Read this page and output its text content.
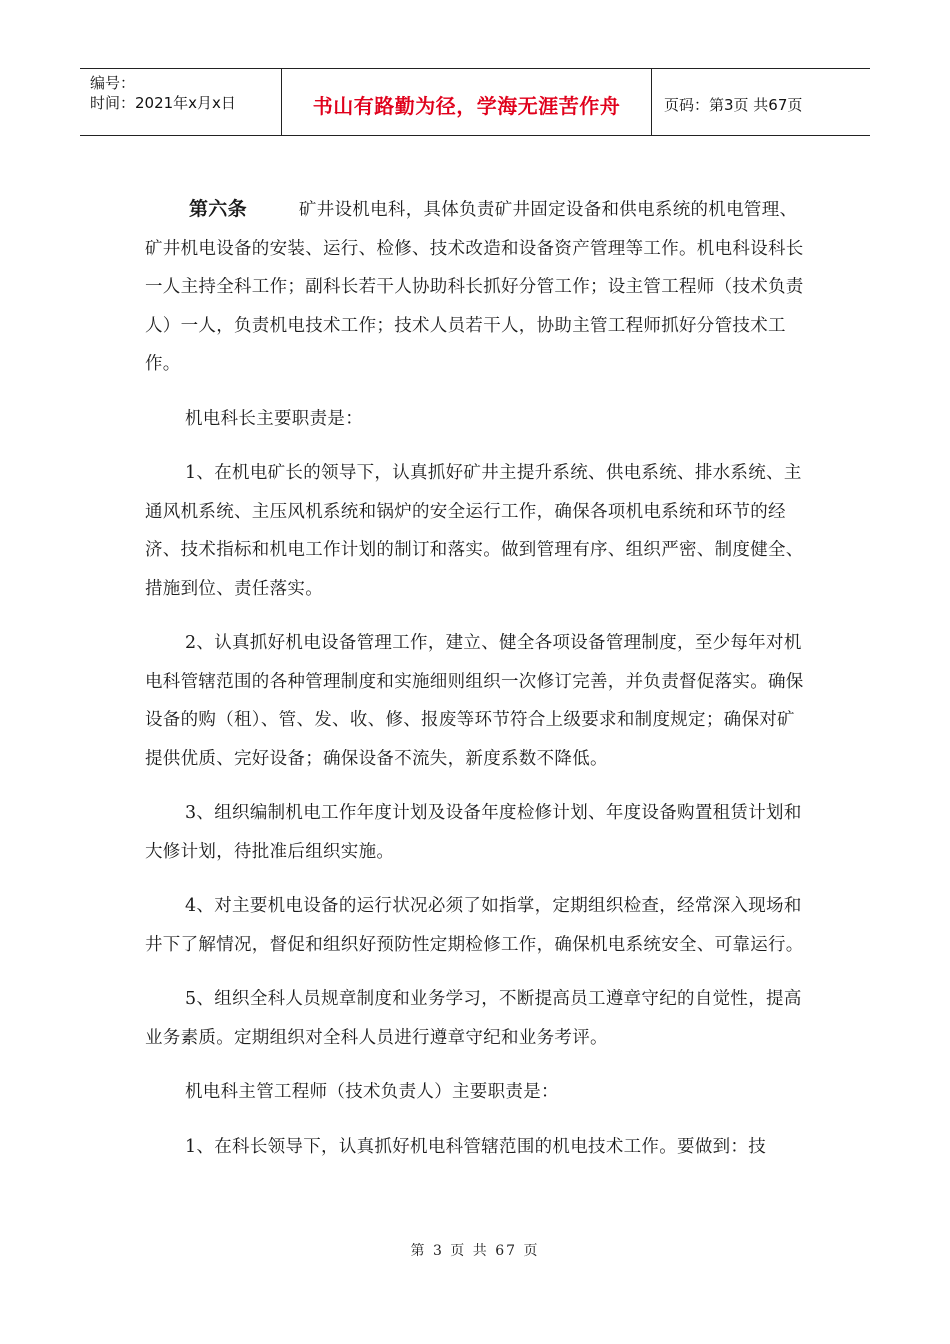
编号：
时间：2021年x月x日	书山有路勤为径，学海无涯苦作舟	页码：第3页 共67页

第六条	矿井设机电科，具体负责矿井固定设备和供电系统的机电管理、矿井机电设备的安装、运行、检修、技术改造和设备资产管理等工作。机电科设科长一人主持全科工作；副科长若干人协助科长抓好分管工作；设主管工程师（技术负责人）一人，负责机电技术工作；技术人员若干人，协助主管工程师抓好分管技术工作。

机电科长主要职责是：

1、在机电矿长的领导下，认真抓好矿井主提升系统、供电系统、排水系统、主通风机系统、主压风机系统和锅炉的安全运行工作，确保各项机电系统和环节的经济、技术指标和机电工作计划的制订和落实。做到管理有序、组织严密、制度健全、措施到位、责任落实。

2、认真抓好机电设备管理工作，建立、健全各项设备管理制度，至少每年对机电科管辖范围的各种管理制度和实施细则组织一次修订完善，并负责督促落实。确保设备的购（租）、管、发、收、修、报废等环节符合上级要求和制度规定；确保对矿提供优质、完好设备；确保设备不流失，新度系数不降低。

3、组织编制机电工作年度计划及设备年度检修计划、年度设备购置租赁计划和大修计划，待批准后组织实施。

4、对主要机电设备的运行状况必须了如指掌，定期组织检查，经常深入现场和井下了解情况，督促和组织好预防性定期检修工作，确保机电系统安全、可靠运行。

5、组织全科人员规章制度和业务学习，不断提高员工遵章守纪的自觉性，提高业务素质。定期组织对全科人员进行遵章守纪和业务考评。

机电科主管工程师（技术负责人）主要职责是：

1、在科长领导下，认真抓好机电科管辖范围的机电技术工作。要做到：技

第 3 页 共 67 页
